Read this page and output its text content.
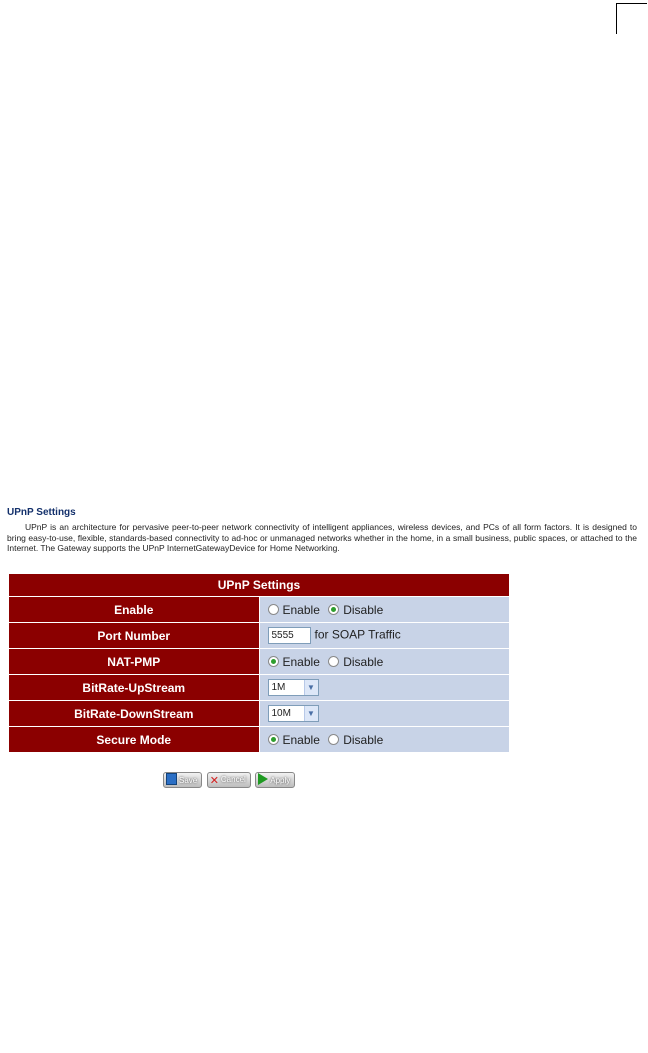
UPnP Settings
UPnP is an architecture for pervasive peer-to-peer network connectivity of intelligent appliances, wireless devices, and PCs of all form factors. It is designed to bring easy-to-use, flexible, standards-based connectivity to ad-hoc or unmanaged networks whether in the home, in a small business, public spaces, or attached to the Internet. The Gateway supports the UPnP InternetGatewayDevice for Home Networking.
UPnP Settings	
Enable	Enable Disable
Port Number	5555 for SOAP Traffic
NAT-PMP	Enable Disable
BitRate-UpStream	1M ▼

BitRate-DownStream	10M ▼

Secure Mode	Enable Disable
Save ✕ Cancel	Apply
